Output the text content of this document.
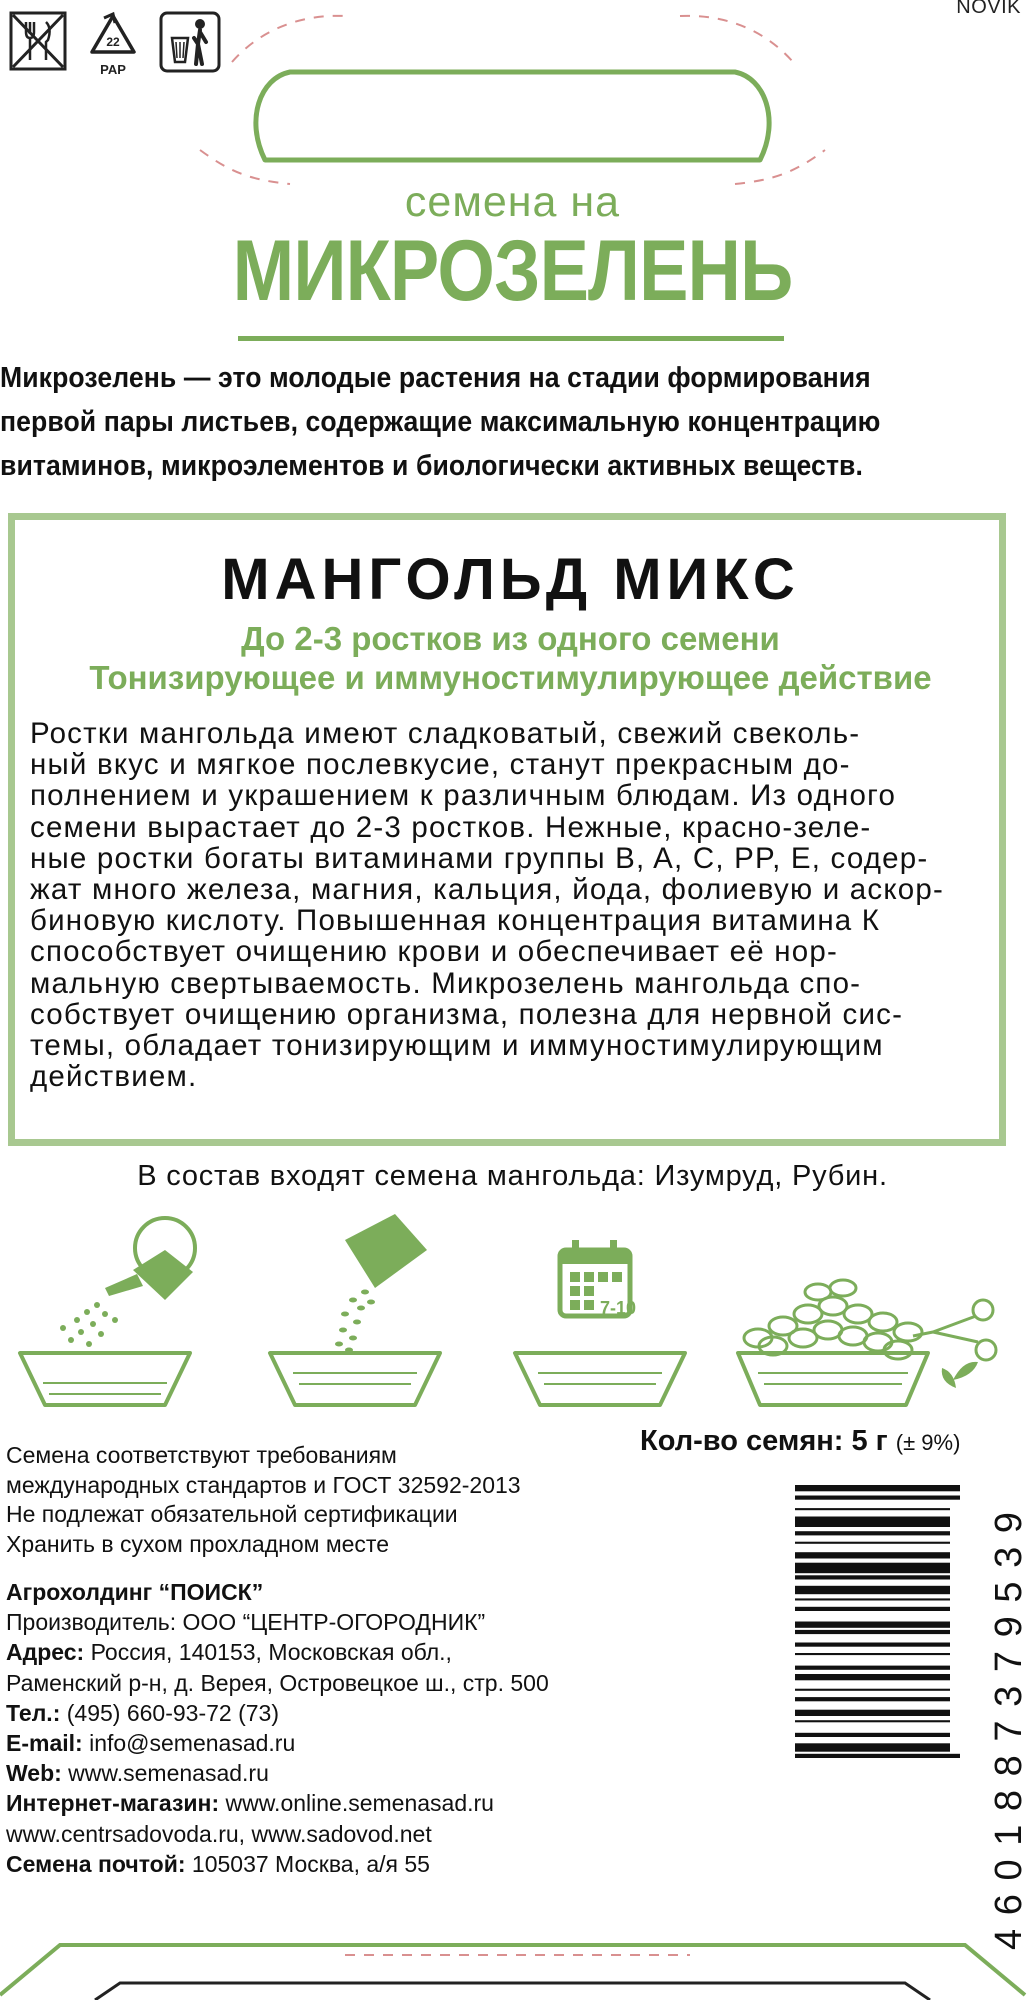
22
PAP
NOVIK
семена на
МИКРОЗЕЛЕНЬ
Микрозелень — это молодые растения на стадии формирования
первой пары листьев, содержащие максимальную концентрацию
витаминов, микроэлементов и биологически активных веществ.
МАНГОЛЬД МИКС
До 2-3 ростков из одного семени
Тонизирующее и иммуностимулирующее действие
Ростки мангольда имеют сладковатый, свежий свеколь-
ный вкус и мягкое послевкусие, станут прекрасным до-
полнением и украшением к различным блюдам. Из одного
семени вырастает до 2-3 ростков. Нежные, красно-зеле-
ные ростки богаты витаминами группы B, A, C, PP, E, содер-
жат много железа, магния, кальция, йода, фолиевую и аскор-
биновую кислоту. Повышенная концентрация витамина К
способствует очищению крови и обеспечивает её нор-
мальную свертываемость. Микрозелень мангольда спо-
собствует очищению организма, полезна для нервной сис-
темы, обладает тонизирующим и иммуностимулирующим
действием.
В состав входят семена мангольда: Изумруд, Рубин.
7-10
Семена соответствуют требованиям
международных стандартов и ГОСТ 32592-2013
Не подлежат обязательной сертификации
Хранить в сухом прохладном месте
Кол-во семян: 5 г (± 9%)
Агрохолдинг “ПОИСК”
Производитель: ООО “ЦЕНТР-ОГОРОДНИК”
Адрес: Россия, 140153, Московская обл.,
Раменский р-н, д. Верея, Островецкое ш., стр. 500
Тел.: (495) 660-93-72 (73)
E-mail: info@semenasad.ru
Web: www.semenasad.ru
Интернет-магазин: www.online.semenasad.ru
www.centrsadovoda.ru, www.sadovod.net
Семена почтой: 105037 Москва, а/я 55	4601887379539
